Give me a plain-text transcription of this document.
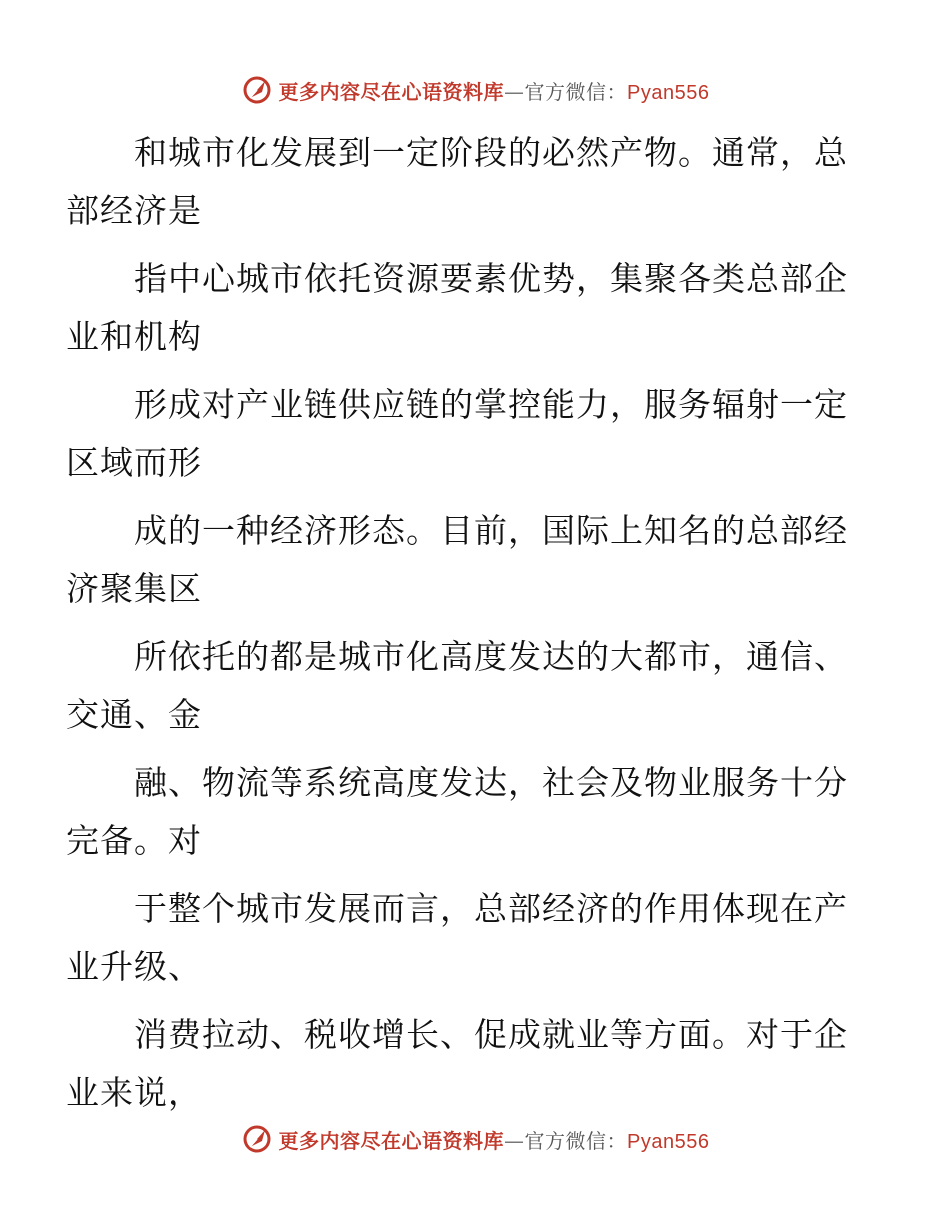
更多内容尽在心语资料库—官方微信：Pyan556

和城市化发展到一定阶段的必然产物。通常，总
部经济是

指中心城市依托资源要素优势，集聚各类总部企
业和机构

形成对产业链供应链的掌控能力，服务辐射一定
区域而形

成的一种经济形态。目前，国际上知名的总部经
济聚集区

所依托的都是城市化高度发达的大都市，通信、
交通、金

融、物流等系统高度发达，社会及物业服务十分
完备。对

于整个城市发展而言，总部经济的作用体现在产
业升级、

消费拉动、税收增长、促成就业等方面。对于企
业来说，

更多内容尽在心语资料库—官方微信：Pyan556
